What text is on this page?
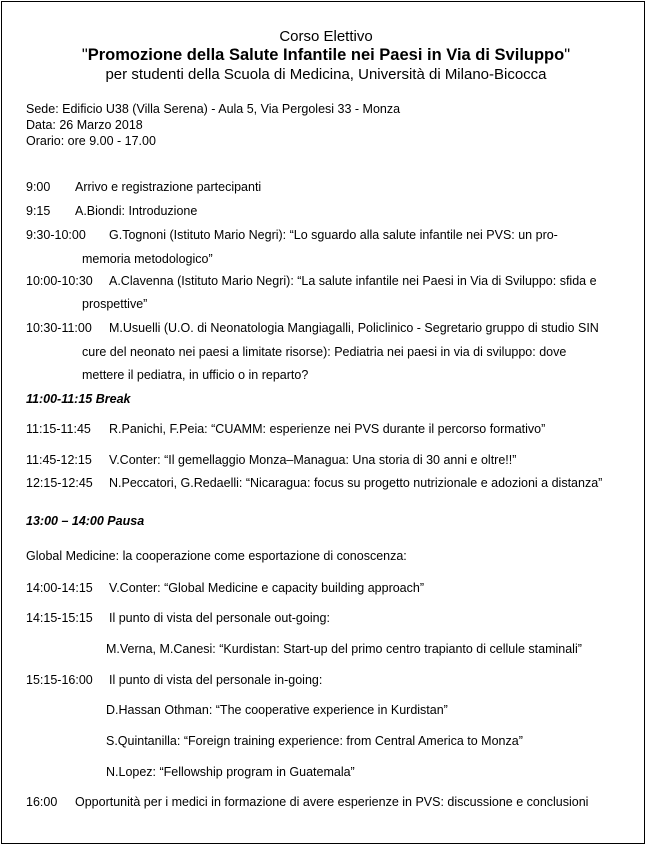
Corso Elettivo
"Promozione della Salute Infantile nei Paesi in Via di Sviluppo"
per studenti della Scuola di Medicina, Università di Milano-Bicocca
Sede: Edificio U38 (Villa Serena) - Aula 5, Via Pergolesi 33 - Monza
Data: 26 Marzo 2018
Orario: ore 9.00 - 17.00
9:00 Arrivo e registrazione partecipanti
9:15 A.Biondi: Introduzione
9:30-10:00 G.Tognoni (Istituto Mario Negri): “Lo sguardo alla salute infantile nei PVS: un pro-
memoria metodologico”
10:00-10:30 A.Clavenna (Istituto Mario Negri): “La salute infantile nei Paesi in Via di Sviluppo: sfida e
prospettive”
10:30-11:00 M.Usuelli (U.O. di Neonatologia Mangiagalli, Policlinico - Segretario gruppo di studio SIN
cure del neonato nei paesi a limitate risorse): Pediatria nei paesi in via di sviluppo: dove
mettere il pediatra, in ufficio o in reparto?
11:00-11:15 Break
11:15-11:45 R.Panichi, F.Peia: “CUAMM: esperienze nei PVS durante il percorso formativo”
11:45-12:15 V.Conter: “Il gemellaggio Monza–Managua: Una storia di 30 anni e oltre!!”
12:15-12:45 N.Peccatori, G.Redaelli: “Nicaragua: focus su progetto nutrizionale e adozioni a distanza”
13:00 – 14:00 Pausa
Global Medicine: la cooperazione come esportazione di conoscenza:
14:00-14:15 V.Conter: “Global Medicine e capacity building approach”
14:15-15:15 Il punto di vista del personale out-going:
M.Verna, M.Canesi: “Kurdistan: Start-up del primo centro trapianto di cellule staminali”
15:15-16:00 Il punto di vista del personale in-going:
D.Hassan Othman: “The cooperative experience in Kurdistan”
S.Quintanilla: “Foreign training experience: from Central America to Monza”
N.Lopez: “Fellowship program in Guatemala”
16:00 Opportunità per i medici in formazione di avere esperienze in PVS: discussione e conclusioni
